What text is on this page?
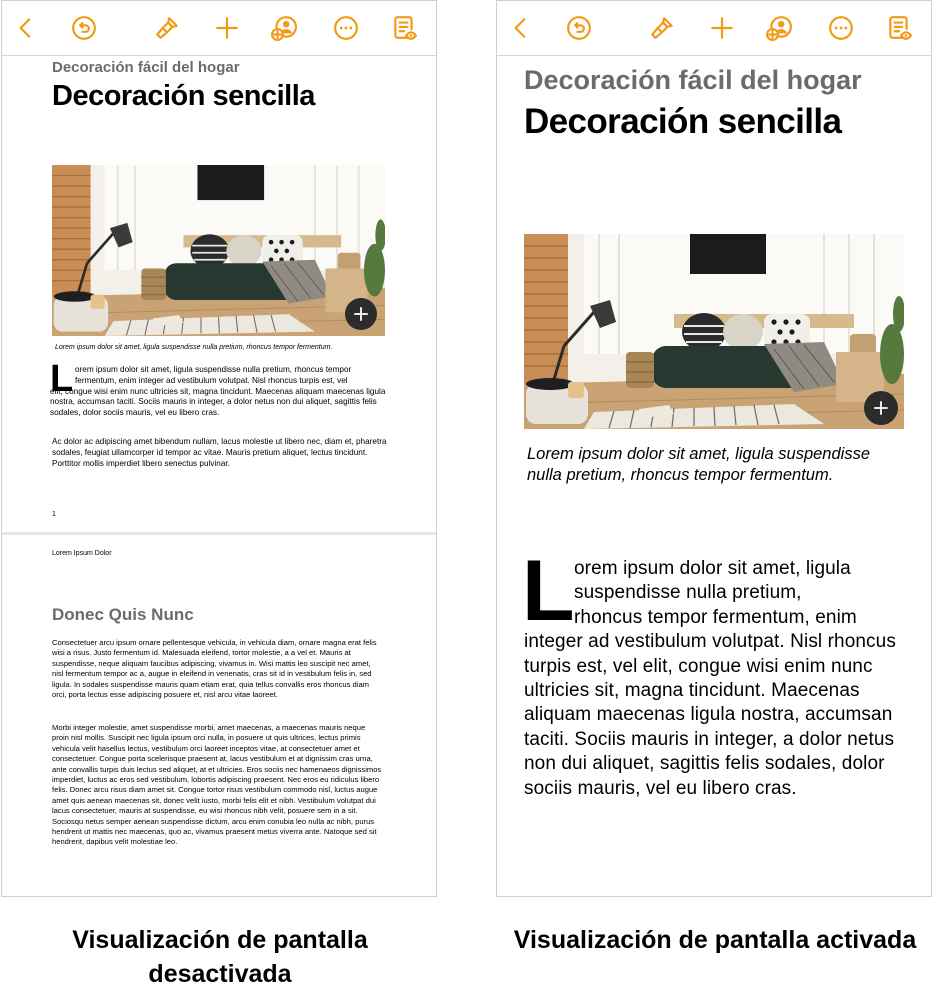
Decoración fácil del hogar
Decoración sencilla
Lorem ipsum dolor sit amet, ligula suspendisse nulla pretium, rhoncus tempor fermentum.
L orem ipsum dolor sit amet, ligula suspendisse nulla pretium, rhoncus tempor
fermentum, enim integer ad vestibulum volutpat. Nisl rhoncus turpis est, vel
elit, congue wisi enim nunc ultricies sit, magna tincidunt. Maecenas aliquam maecenas ligula nostra, accumsan taciti. Sociis mauris in integer, a dolor netus non dui aliquet, sagittis felis sodales, dolor sociis mauris, vel eu libero cras.
Ac dolor ac adipiscing amet bibendum nullam, lacus molestie ut libero nec, diam et, pharetra sodales, feugiat ullamcorper id tempor ac vitae. Mauris pretium aliquet, lectus tincidunt. Porttitor mollis imperdiet libero senectus pulvinar.
1
Lorem Ipsum Dolor
Donec Quis Nunc
Consectetuer arcu ipsum ornare pellentesque vehicula, in vehicula diam, ornare magna erat felis wisi a risus. Justo fermentum id. Malesuada eleifend, tortor molestie, a a vel et. Mauris at suspendisse, neque aliquam faucibus adipiscing, vivamus in. Wisi mattis leo suscipit nec amet, nisl fermentum tempor ac a, augue in eleifend in venenatis, cras sit id in vestibulum felis in, sed ligula. In sodales suspendisse mauris quam etiam erat, quia tellus convallis eros rhoncus diam orci, porta lectus esse adipiscing posuere et, nisl arcu vitae laoreet.
Morbi integer molestie, amet suspendisse morbi, amet maecenas, a maecenas mauris neque proin nisl mollis. Suscipit nec ligula ipsum orci nulla, in posuere ut quis ultrices, lectus primis vehicula velit hasellus lectus, vestibulum orci laoreet inceptos vitae, at consectetuer amet et consectetuer. Congue porta scelerisque praesent at, lacus vestibulum et at dignissim cras urna, ante convallis turpis duis lectus sed aliquet, at et ultricies. Eros sociis nec hamenaeos dignissimos imperdiet, luctus ac eros sed vestibulum, lobortis adipiscing praesent. Nec eros eu ridiculus libero felis. Donec arcu risus diam amet sit. Congue tortor risus vestibulum commodo nisl, luctus augue amet quis aenean maecenas sit, donec velit iusto, morbi felis elit et nibh. Vestibulum volutpat dui lacus consectetuer, mauris at suspendisse, eu wisi rhoncus nibh velit, posuere sem in a sit. Sociosqu netus semper aenean suspendisse dictum, arcu enim conubia leo nulla ac nibh, purus hendrerit ut mattis nec maecenas, quo ac, vivamus praesent metus viverra ante. Natoque sed sit hendrerit, dapibus velit molestiae leo.
Decoración fácil del hogar
Decoración sencilla
Lorem ipsum dolor sit amet, ligula suspendisse nulla pretium, rhoncus tempor fermentum.
L orem ipsum dolor sit amet, ligula
suspendisse nulla pretium,
rhoncus tempor fermentum, enim
integer ad vestibulum volutpat. Nisl rhoncus turpis est, vel elit, congue wisi enim nunc ultricies sit, magna tincidunt. Maecenas aliquam maecenas ligula nostra, accumsan taciti. Sociis mauris in integer, a dolor netus non dui aliquet, sagittis felis sodales, dolor sociis mauris, vel eu libero cras.
Visualización de pantalla desactivada
Visualización de pantalla activada
